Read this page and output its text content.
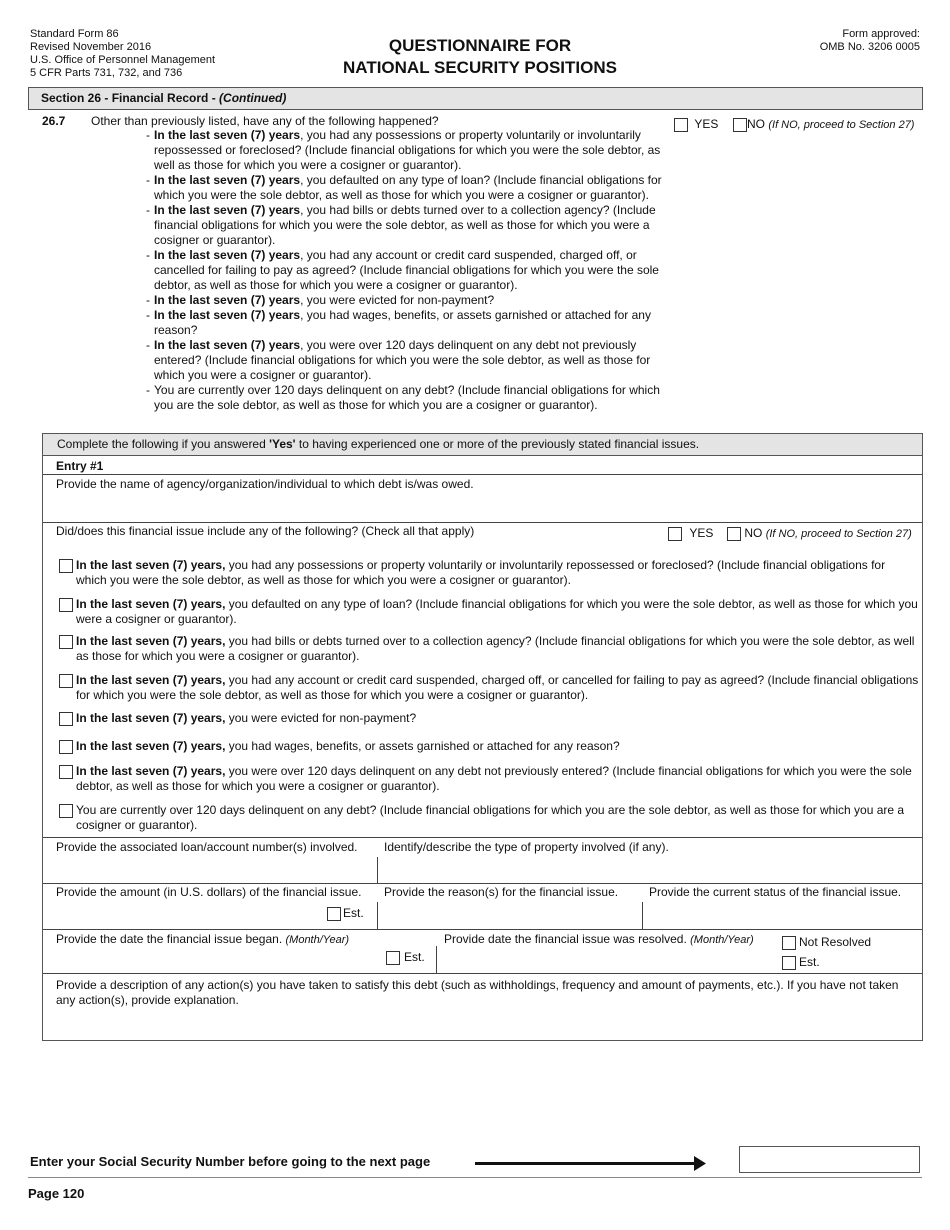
Standard Form 86
Revised November 2016
U.S. Office of Personnel Management
5 CFR Parts 731, 732, and 736
QUESTIONNAIRE FOR
NATIONAL SECURITY POSITIONS
Form approved:
OMB No. 3206 0005
Section 26 - Financial Record - (Continued)
26.7 Other than previously listed, have any of the following happened?	YES	NO (If NO, proceed to Section 27)
- In the last seven (7) years, you had any possessions or property voluntarily or involuntarily repossessed or foreclosed? (Include financial obligations for which you were the sole debtor, as well as those for which you were a cosigner or guarantor).
- In the last seven (7) years, you defaulted on any type of loan? (Include financial obligations for which you were the sole debtor, as well as those for which you were a cosigner or guarantor).
- In the last seven (7) years, you had bills or debts turned over to a collection agency? (Include financial obligations for which you were the sole debtor, as well as those for which you were a cosigner or guarantor).
- In the last seven (7) years, you had any account or credit card suspended, charged off, or cancelled for failing to pay as agreed? (Include financial obligations for which you were the sole debtor, as well as those for which you were a cosigner or guarantor).
- In the last seven (7) years, you were evicted for non-payment?
- In the last seven (7) years, you had wages, benefits, or assets garnished or attached for any reason?
- In the last seven (7) years, you were over 120 days delinquent on any debt not previously entered? (Include financial obligations for which you were the sole debtor, as well as those for which you were a cosigner or guarantor).
- You are currently over 120 days delinquent on any debt? (Include financial obligations for which you are the sole debtor, as well as those for which you are a cosigner or guarantor).
Complete the following if you answered 'Yes' to having experienced one or more of the previously stated financial issues.
Entry #1
Provide the name of agency/organization/individual to which debt is/was owed.
Did/does this financial issue include any of the following? (Check all that apply)	YES	NO (If NO, proceed to Section 27)
In the last seven (7) years, you had any possessions or property voluntarily or involuntarily repossessed or foreclosed? (Include financial obligations for which you were the sole debtor, as well as those for which you were a cosigner or guarantor).
In the last seven (7) years, you defaulted on any type of loan? (Include financial obligations for which you were the sole debtor, as well as those for which you were a cosigner or guarantor).
In the last seven (7) years, you had bills or debts turned over to a collection agency? (Include financial obligations for which you were the sole debtor, as well as those for which you were a cosigner or guarantor).
In the last seven (7) years, you had any account or credit card suspended, charged off, or cancelled for failing to pay as agreed? (Include financial obligations for which you were the sole debtor, as well as those for which you were a cosigner or guarantor).
In the last seven (7) years, you were evicted for non-payment?
In the last seven (7) years, you had wages, benefits, or assets garnished or attached for any reason?
In the last seven (7) years, you were over 120 days delinquent on any debt not previously entered? (Include financial obligations for which you were the sole debtor, as well as those for which you were a cosigner or guarantor).
You are currently over 120 days delinquent on any debt? (Include financial obligations for which you are the sole debtor, as well as those for which you are a cosigner or guarantor).
Provide the associated loan/account number(s) involved. Identify/describe the type of property involved (if any).
Provide the amount (in U.S. dollars) of the financial issue. Provide the reason(s) for the financial issue.	Provide the current status of the financial issue.
Est.
Provide the date the financial issue began. (Month/Year)	Provide date the financial issue was resolved. (Month/Year)
Est.
Not Resolved
Est.
Provide a description of any action(s) you have taken to satisfy this debt (such as withholdings, frequency and amount of payments, etc.). If you have not taken any action(s), provide explanation.
Enter your Social Security Number before going to the next page
Page 120
